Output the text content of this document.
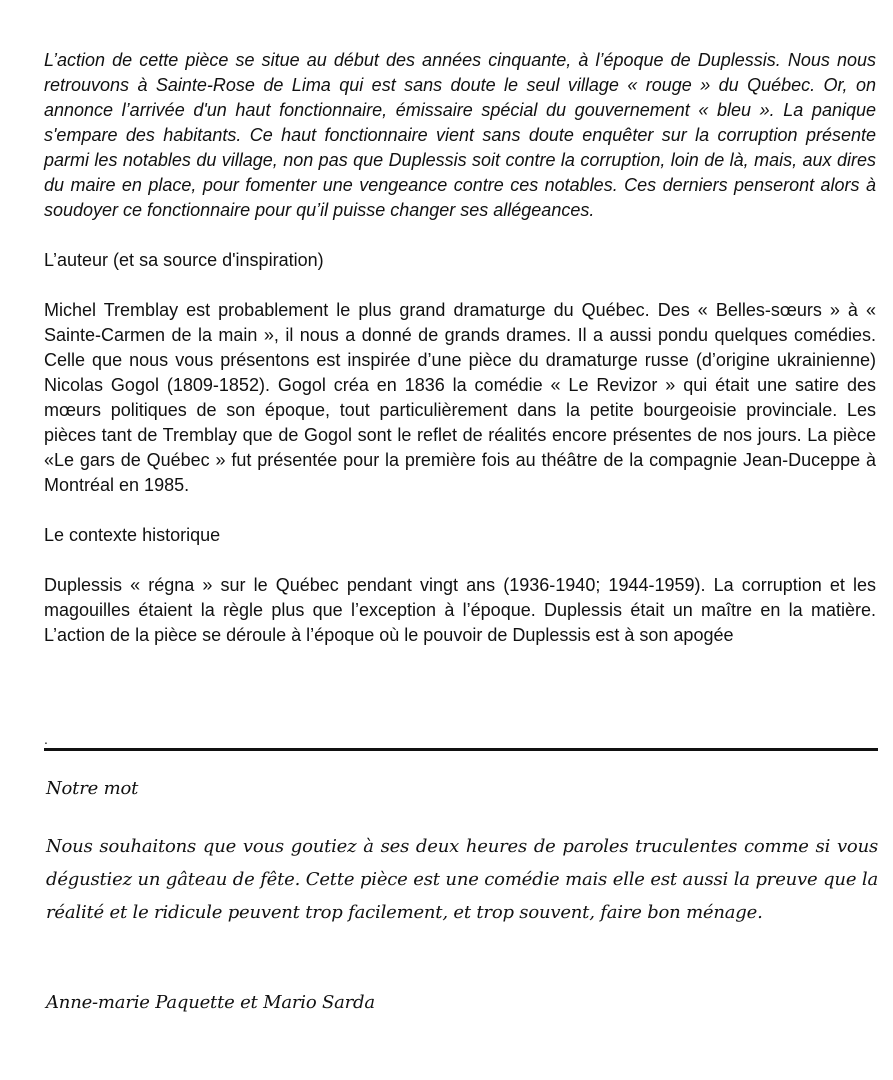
L’action de cette pièce se situe au début des années cinquante, à l’époque de Duplessis. Nous nous retrouvons à Sainte-Rose de Lima qui est sans doute le seul village « rouge » du Québec. Or, on annonce l’arrivée d'un haut fonctionnaire, émissaire spécial du gouvernement « bleu ». La panique s'empare des habitants. Ce haut fonctionnaire vient sans doute enquêter sur la corruption présente parmi les notables du village, non pas que Duplessis soit contre la corruption, loin de là, mais, aux dires du maire en place, pour fomenter une vengeance contre ces notables. Ces derniers penseront alors à soudoyer ce fonctionnaire pour qu’il puisse changer ses allégeances.

L’auteur (et sa source d'inspiration)

Michel Tremblay est probablement le plus grand dramaturge du Québec. Des « Belles-sœurs » à « Sainte-Carmen de la main », il nous a donné de grands drames. Il a aussi pondu quelques comédies. Celle que nous vous présentons est inspirée d’une pièce du dramaturge russe (d’origine ukrainienne) Nicolas Gogol (1809-1852). Gogol créa en 1836 la comédie « Le Revizor » qui était une satire des mœurs politiques de son époque, tout particulièrement dans la petite bourgeoisie provinciale. Les pièces tant de Tremblay que de Gogol sont le reflet de réalités encore présentes de nos jours. La pièce «Le gars de Québec » fut présentée pour la première fois au théâtre de la compagnie Jean-Duceppe à Montréal en 1985.

Le contexte historique

Duplessis « régna » sur le Québec pendant vingt ans (1936-1940; 1944-1959). La corruption et les magouilles étaient la règle plus que l’exception à l’époque. Duplessis était un maître en la matière. L’action de la pièce se déroule à l’époque où le pouvoir de Duplessis est à son apogée

.
Notre mot
Nous souhaitons que vous goutiez à ses deux heures de paroles truculentes comme si vous dégustiez un gâteau de fête. Cette pièce est une comédie mais elle est aussi la preuve que la réalité et le ridicule peuvent trop facilement, et trop souvent, faire bon ménage.
Anne-marie Paquette et Mario Sarda
